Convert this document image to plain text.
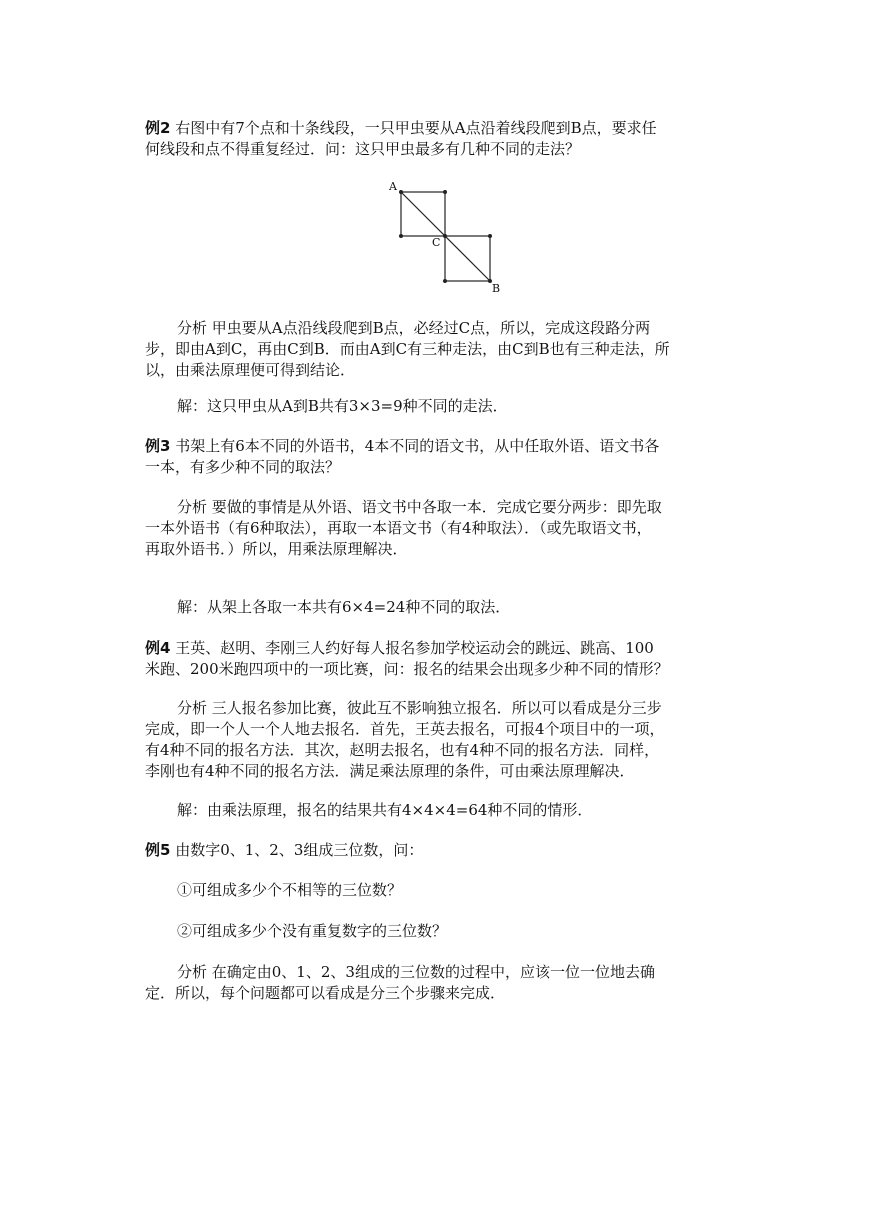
例2 右图中有7个点和十条线段，一只甲虫要从A点沿着线段爬到B点，要求任
何线段和点不得重复经过．问：这只甲虫最多有几种不同的走法？

A
C
B

分析 甲虫要从A点沿线段爬到B点，必经过C点，所以，完成这段路分两
步，即由A到C，再由C到B．而由A到C有三种走法，由C到B也有三种走法，所
以，由乘法原理便可得到结论．

解：这只甲虫从A到B共有3×3=9种不同的走法．

例3 书架上有6本不同的外语书，4本不同的语文书，从中任取外语、语文书各
一本，有多少种不同的取法？

分析 要做的事情是从外语、语文书中各取一本．完成它要分两步：即先取
一本外语书（有6种取法），再取一本语文书（有4种取法）．（或先取语文书，
再取外语书．）所以，用乘法原理解决．

解：从架上各取一本共有6×4=24种不同的取法．

例4 王英、赵明、李刚三人约好每人报名参加学校运动会的跳远、跳高、100
米跑、200米跑四项中的一项比赛，问：报名的结果会出现多少种不同的情形？

分析 三人报名参加比赛，彼此互不影响独立报名．所以可以看成是分三步
完成，即一个人一个人地去报名．首先，王英去报名，可报4个项目中的一项，
有4种不同的报名方法．其次，赵明去报名，也有4种不同的报名方法．同样，
李刚也有4种不同的报名方法．满足乘法原理的条件，可由乘法原理解决．

解：由乘法原理，报名的结果共有4×4×4=64种不同的情形．

例5 由数字0、1、2、3组成三位数，问：

①可组成多少个不相等的三位数？

②可组成多少个没有重复数字的三位数？

分析 在确定由0、1、2、3组成的三位数的过程中，应该一位一位地去确
定．所以，每个问题都可以看成是分三个步骤来完成．
